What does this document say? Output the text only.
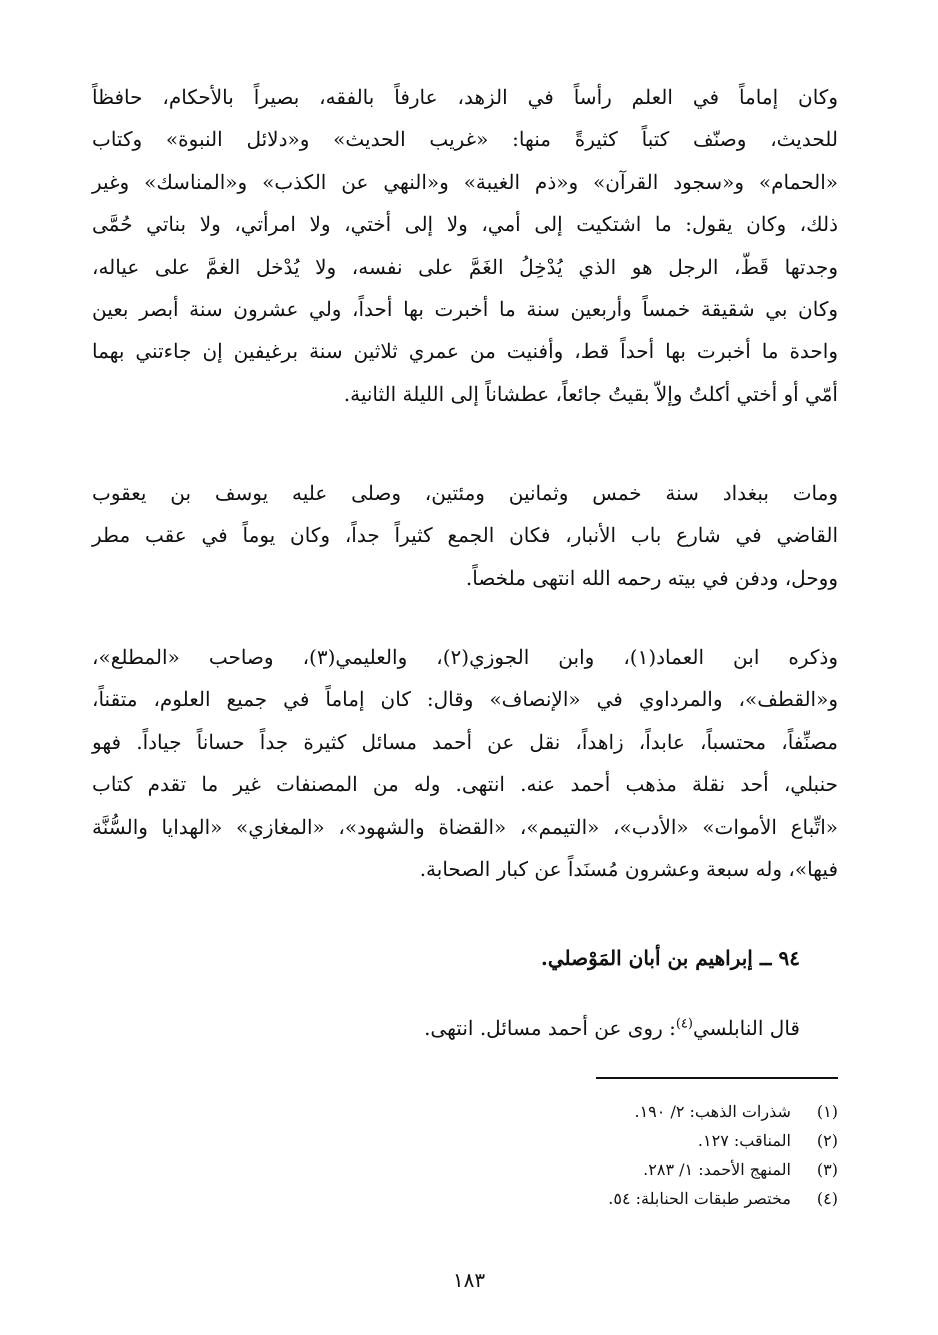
وكان إماماً في العلم رأساً في الزهد، عارفاً بالفقه، بصيراً بالأحكام، حافظاً
للحديث، وصنّف كتباً كثيرةً منها: «غريب الحديث» و«دلائل النبوة» وكتاب
«الحمام» و«سجود القرآن» و«ذم الغيبة» و«النهي عن الكذب» و«المناسك» وغير
ذلك، وكان يقول: ما اشتكيت إلى أمي، ولا إلى أختي، ولا امرأتي، ولا بناتي حُمَّى
وجدتها قَطّ، الرجل هو الذي يُدْخِلُ الغَمَّ على نفسه، ولا يُدْخل الغمَّ على عياله،
وكان بي شقيقة خمساً وأربعين سنة ما أخبرت بها أحداً، ولي عشرون سنة أبصر بعين
واحدة ما أخبرت بها أحداً قط، وأفنيت من عمري ثلاثين سنة برغيفين إن جاءتني بهما
أمّي أو أختي أكلتُ وإلاّ بقيتُ جائعاً، عطشاناً إلى الليلة الثانية.
ومات ببغداد سنة خمس وثمانين ومئتين، وصلى عليه يوسف بن يعقوب
القاضي في شارع باب الأنبار، فكان الجمع كثيراً جداً، وكان يوماً في عقب مطر
ووحل، ودفن في بيته رحمه الله انتهى ملخصاً.
وذكره ابن العماد(١)، وابن الجوزي(٢)، والعليمي(٣)، وصاحب «المطلع»،
و«القطف»، والمرداوي في «الإنصاف» وقال: كان إماماً في جميع العلوم، متقناً،
مصنِّفاً، محتسباً، عابداً، زاهداً، نقل عن أحمد مسائل كثيرة جداً حساناً جياداً. فهو
حنبلي، أحد نقلة مذهب أحمد عنه. انتهى. وله من المصنفات غير ما تقدم كتاب
«اتِّباع الأموات» «الأدب»، «التيمم»، «القضاة والشهود»، «المغازي» «الهدايا والسُّنَّة
فيها»، وله سبعة وعشرون مُسنَداً عن كبار الصحابة.
٩٤ ــ إبراهيم بن أبان المَوْصلي.
قال النابلسي$^{(٤)}$: روى عن أحمد مسائل. انتهى.
(١) شذرات الذهب: ٢/ ١٩٠.
(٢) المناقب: ١٢٧.
(٣) المنهج الأحمد: ١/ ٢٨٣.
(٤) مختصر طبقات الحنابلة: ٥٤.
١٨٣
